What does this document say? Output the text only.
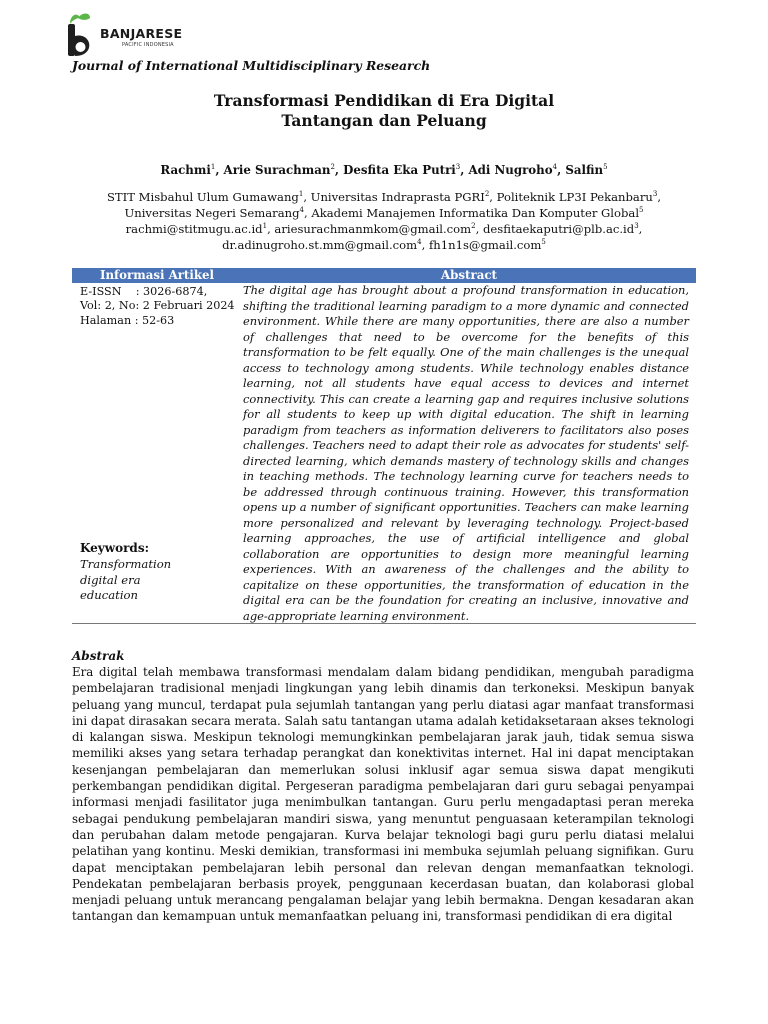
BANJARESE
PACIFIC INDONESIA
Journal of International Multidisciplinary Research
Transformasi Pendidikan di Era Digital
Tantangan dan Peluang
Rachmi$^1$, Arie Surachman$^2$, Desfita Eka Putri$^3$, Adi Nugroho$^4$, Salfin$^5$
STIT Misbahul Ulum Gumawang$^1$, Universitas Indraprasta PGRI$^2$, Politeknik LP3I Pekanbaru$^3$,
Universitas Negeri Semarang$^4$, Akademi Manajemen Informatika Dan Komputer Global$^5$
$rachmi@stitmugu.ac.id^1$, ariesurachmanmkom@gmail.com$^2$, $desfitaekaputri@plb.ac.id^3$,
dr.adinugroho.st.mm@gmail.com$^4$, fh1n1s@gmail.com$^5$
Informasi Artikel	Abstract
E-ISSN    : 3026-6874,
Vol: 2, No: 2 Februari 2024
Halaman : 52-63
Keywords:
Transformation
digital era
education
The digital age has brought about a profound transformation in education, shifting the traditional learning paradigm to a more dynamic and connected environment. While there are many opportunities, there are also a number of challenges that need to be overcome for the benefits of this transformation to be felt equally. One of the main challenges is the unequal access to technology among students. While technology enables distance learning, not all students have equal access to devices and internet connectivity. This can create a learning gap and requires inclusive solutions for all students to keep up with digital education. The shift in learning paradigm from teachers as information deliverers to facilitators also poses challenges. Teachers need to adapt their role as advocates for students' self-directed learning, which demands mastery of technology skills and changes in teaching methods. The technology learning curve for teachers needs to be addressed through continuous training. However, this transformation opens up a number of significant opportunities. Teachers can make learning more personalized and relevant by leveraging technology. Project-based learning approaches, the use of artificial intelligence and global collaboration are opportunities to design more meaningful learning experiences. With an awareness of the challenges and the ability to capitalize on these opportunities, the transformation of education in the digital era can be the foundation for creating an inclusive, innovative and age-appropriate learning environment.
Abstrak
Era digital telah membawa transformasi mendalam dalam bidang pendidikan, mengubah paradigma pembelajaran tradisional menjadi lingkungan yang lebih dinamis dan terkoneksi. Meskipun banyak peluang yang muncul, terdapat pula sejumlah tantangan yang perlu diatasi agar manfaat transformasi ini dapat dirasakan secara merata. Salah satu tantangan utama adalah ketidaksetaraan akses teknologi di kalangan siswa. Meskipun teknologi memungkinkan pembelajaran jarak jauh, tidak semua siswa memiliki akses yang setara terhadap perangkat dan konektivitas internet. Hal ini dapat menciptakan kesenjangan pembelajaran dan memerlukan solusi inklusif agar semua siswa dapat mengikuti perkembangan pendidikan digital. Pergeseran paradigma pembelajaran dari guru sebagai penyampai informasi menjadi fasilitator juga menimbulkan tantangan. Guru perlu mengadaptasi peran mereka sebagai pendukung pembelajaran mandiri siswa, yang menuntut penguasaan keterampilan teknologi dan perubahan dalam metode pengajaran. Kurva belajar teknologi bagi guru perlu diatasi melalui pelatihan yang kontinu. Meski demikian, transformasi ini membuka sejumlah peluang signifikan. Guru dapat menciptakan pembelajaran lebih personal dan relevan dengan memanfaatkan teknologi. Pendekatan pembelajaran berbasis proyek, penggunaan kecerdasan buatan, dan kolaborasi global menjadi peluang untuk merancang pengalaman belajar yang lebih bermakna. Dengan kesadaran akan tantangan dan kemampuan untuk memanfaatkan peluang ini, transformasi pendidikan di era digital
